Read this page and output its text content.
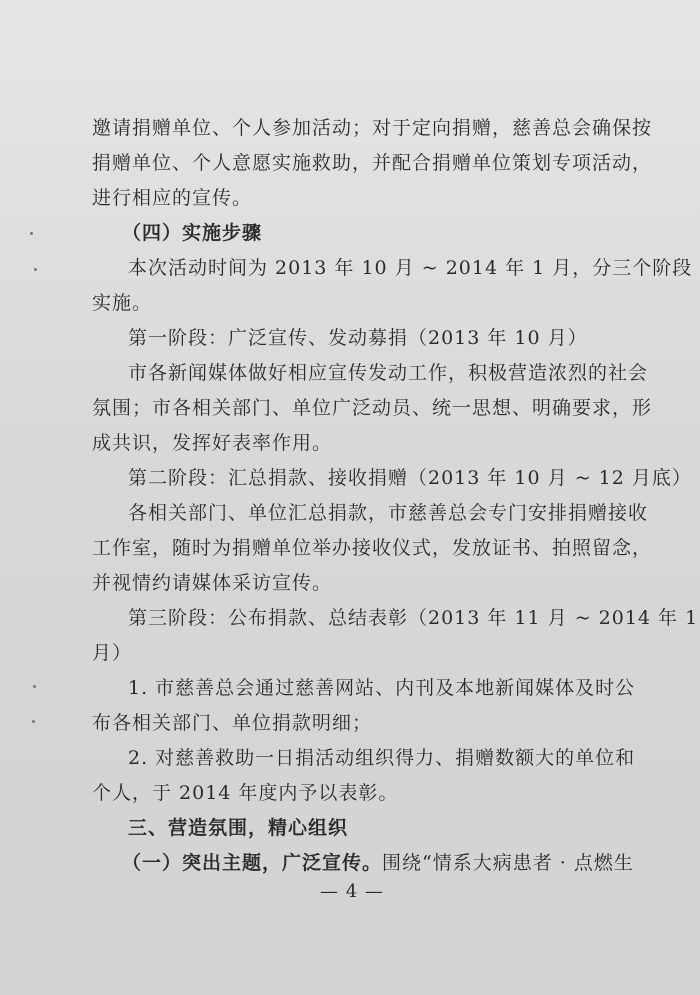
邀请捐赠单位、个人参加活动；对于定向捐赠，慈善总会确保按
捐赠单位、个人意愿实施救助，并配合捐赠单位策划专项活动，
进行相应的宣传。
（四）实施步骤
本次活动时间为 2013 年 10 月 ~ 2014 年 1 月，分三个阶段
实施。
第一阶段：广泛宣传、发动募捐（2013 年 10 月）
市各新闻媒体做好相应宣传发动工作，积极营造浓烈的社会
氛围；市各相关部门、单位广泛动员、统一思想、明确要求，形
成共识，发挥好表率作用。
第二阶段：汇总捐款、接收捐赠（2013 年 10 月 ~ 12 月底）
各相关部门、单位汇总捐款，市慈善总会专门安排捐赠接收
工作室，随时为捐赠单位举办接收仪式，发放证书、拍照留念，
并视情约请媒体采访宣传。
第三阶段：公布捐款、总结表彰（2013 年 11 月 ~ 2014 年 1
月）
1. 市慈善总会通过慈善网站、内刊及本地新闻媒体及时公
布各相关部门、单位捐款明细；
2. 对慈善救助一日捐活动组织得力、捐赠数额大的单位和
个人，于 2014 年度内予以表彰。
三、营造氛围，精心组织
（一）突出主题，广泛宣传。围绕“情系大病患者 · 点燃生
— 4 —
